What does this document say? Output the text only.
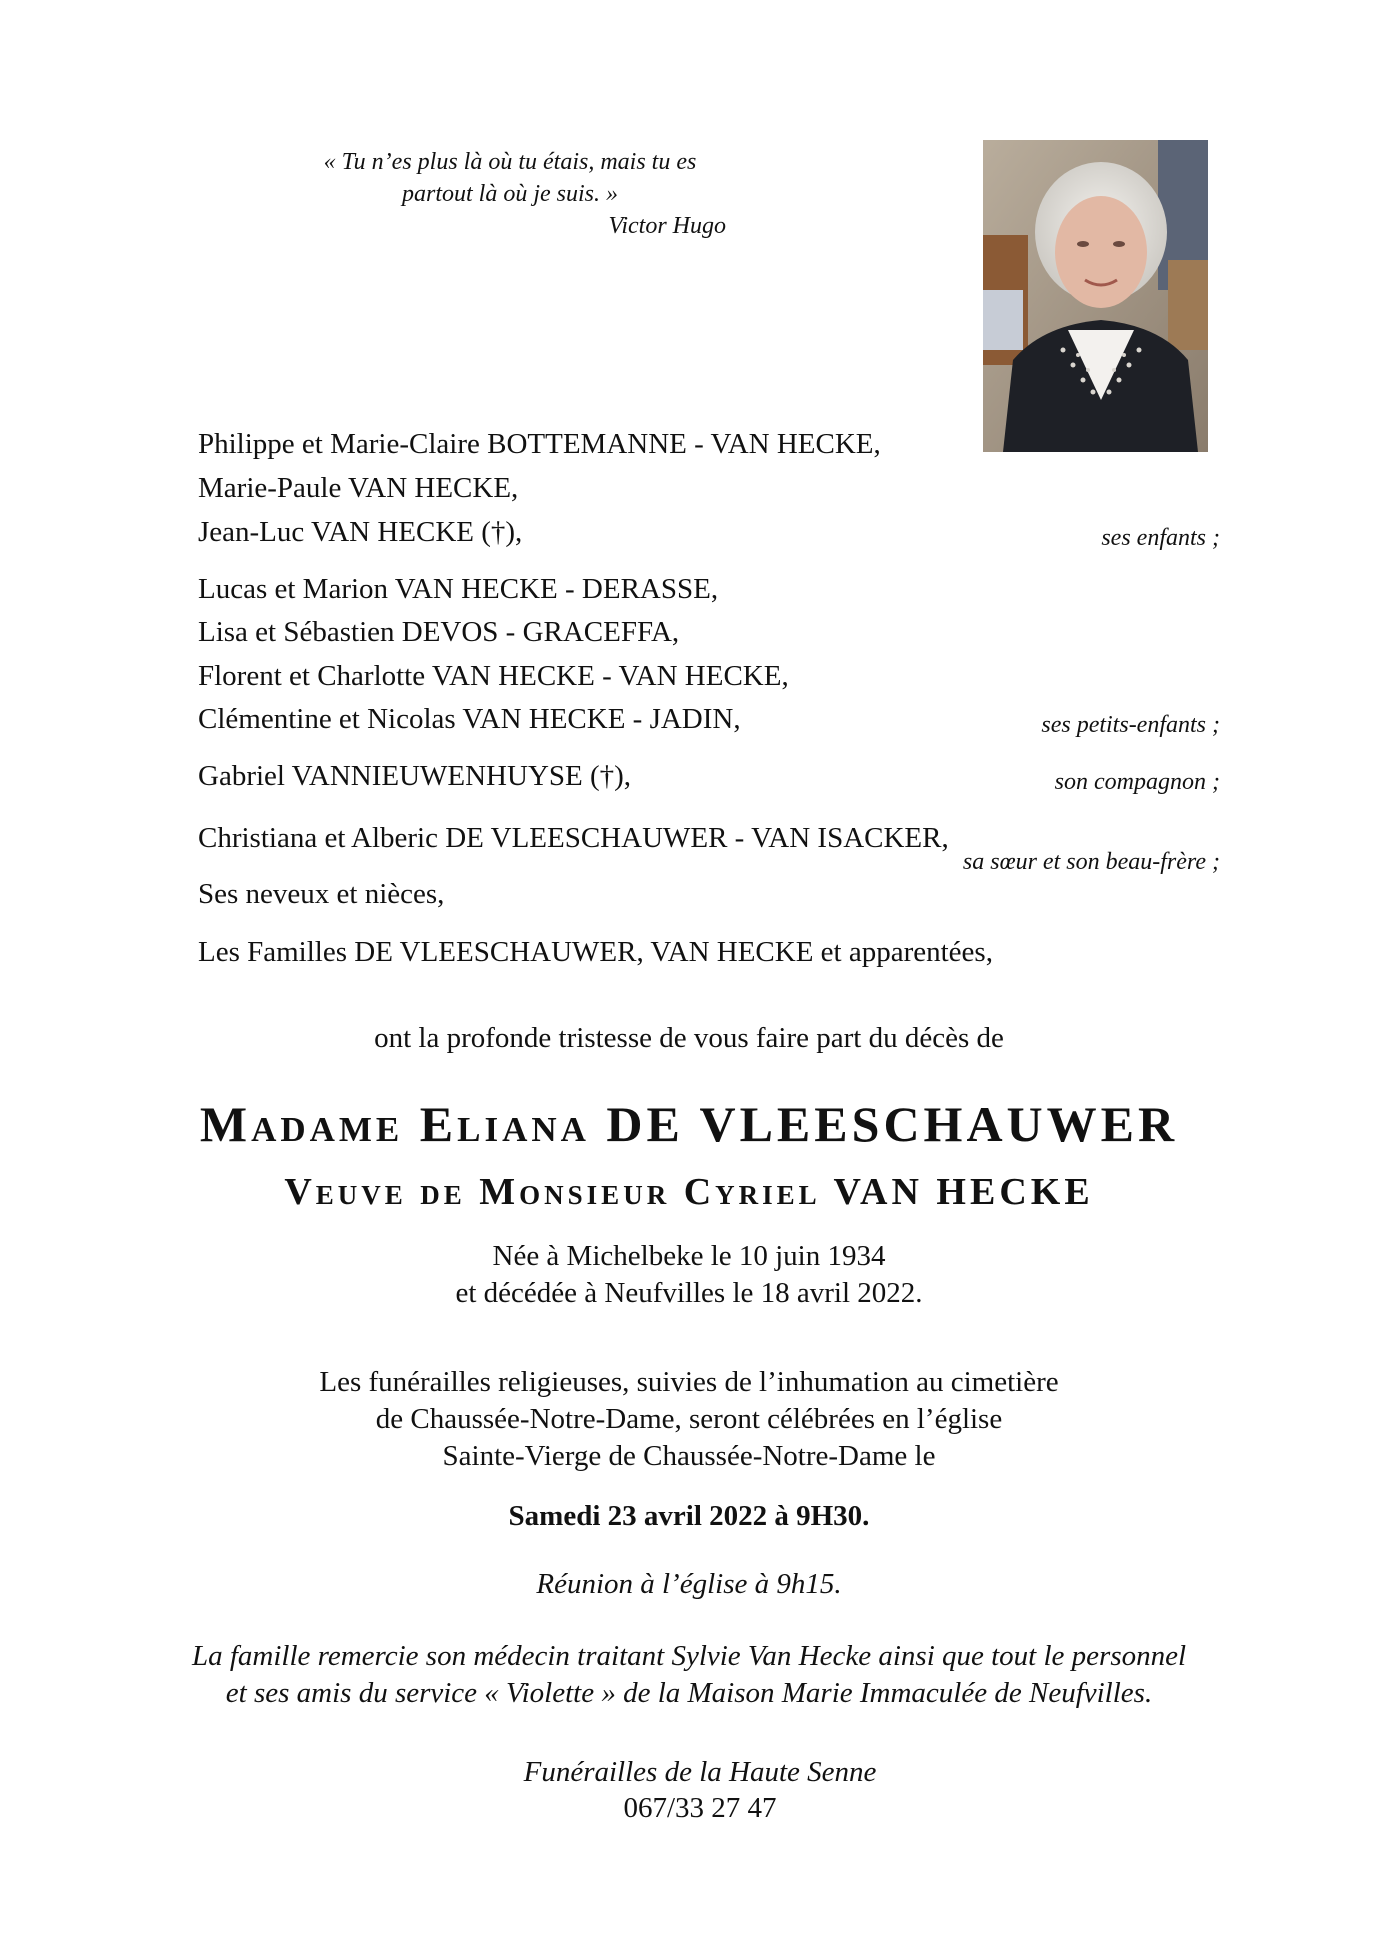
« Tu n’es plus là où tu étais, mais tu es
partout là où je suis. »
Victor Hugo
Philippe et Marie-Claire BOTTEMANNE - VAN HECKE,
Marie-Paule VAN HECKE,
Jean-Luc VAN HECKE (†),	ses enfants ;
Lucas et Marion VAN HECKE - DERASSE,
Lisa et Sébastien DEVOS - GRACEFFA,
Florent et Charlotte VAN HECKE - VAN HECKE,
Clémentine et Nicolas VAN HECKE - JADIN,	ses petits-enfants ;
Gabriel VANNIEUWENHUYSE (†),	son compagnon ;
Christiana et Alberic DE VLEESCHAUWER - VAN ISACKER,
sa sœur et son beau-frère ;
Ses neveux et nièces,
Les Familles DE VLEESCHAUWER, VAN HECKE et apparentées,
ont la profonde tristesse de vous faire part du décès de
Madame Eliana DE VLEESCHAUWER
Veuve de Monsieur Cyriel VAN HECKE
Née à Michelbeke le 10 juin 1934
et décédée à Neufvilles le 18 avril 2022.
Les funérailles religieuses, suivies de l’inhumation au cimetière
de Chaussée-Notre-Dame, seront célébrées en l’église
Sainte-Vierge de Chaussée-Notre-Dame le
Samedi 23 avril 2022 à 9H30.
Réunion à l’église à 9h15.
La famille remercie son médecin traitant Sylvie Van Hecke ainsi que tout le personnel
et ses amis du service « Violette » de la Maison Marie Immaculée de Neufvilles.
Funérailles de la Haute Senne
067/33 27 47
